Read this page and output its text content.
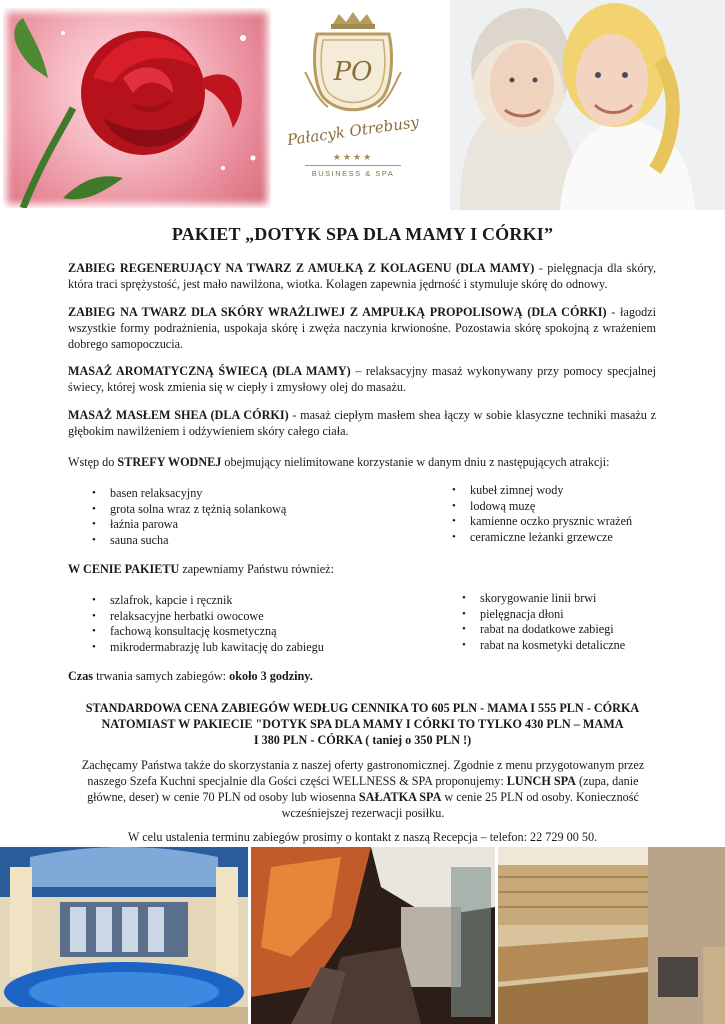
PO
Pałacyk Otrebusy
★★★★
BUSINESS & SPA
PAKIET „DOTYK SPA DLA MAMY I CÓRKI”

ZABIEG REGENERUJĄCY NA TWARZ Z AMUŁKĄ Z KOLAGENU (DLA MAMY) - pielęgnacja dla skóry, która traci sprężystość, jest mało nawilżona, wiotka. Kolagen zapewnia jędrność i stymuluje skórę do odnowy.

ZABIEG NA TWARZ DLA SKÓRY WRAŻLIWEJ Z AMPUŁKĄ PROPOLISOWĄ (DLA CÓRKI) - łagodzi wszystkie formy podrażnienia, uspokaja skórę i zwęża naczynia krwionośne. Pozostawia skórę spokojną z wrażeniem dobrego samopoczucia.

MASAŻ AROMATYCZNĄ ŚWIECĄ (DLA MAMY) – relaksacyjny masaż wykonywany przy pomocy specjalnej świecy, której wosk zmienia się w ciepły i zmysłowy olej do masażu.

MASAŻ MASŁEM SHEA (DLA CÓRKI) - masaż ciepłym masłem shea łączy w sobie klasyczne techniki masażu z głębokim nawilżeniem i odżywieniem skóry całego ciała.

Wstęp do STREFY WODNEJ obejmujący nielimitowane korzystanie w danym dniu z następujących atrakcji:

• basen relaksacyjny
• grota solna wraz z tężnią solankową
• łaźnia parowa
• sauna sucha
• kubeł zimnej wody
• lodową muzę
• kamienne oczko prysznic wrażeń
• ceramiczne leżanki grzewcze

W CENIE PAKIETU zapewniamy Państwu również:

• szlafrok, kapcie i ręcznik
• relaksacyjne herbatki owocowe
• fachową konsultację kosmetyczną
• mikrodermabrazję lub kawitację do zabiegu
• skorygowanie linii brwi
• pielęgnacja dłoni
• rabat na dodatkowe zabiegi
• rabat na kosmetyki detaliczne

Czas trwania samych zabiegów: około 3 godziny.

STANDARDOWA CENA ZABIEGÓW WEDŁUG CENNIKA TO 605 PLN - MAMA I 555 PLN - CÓRKA
NATOMIAST W PAKIECIE "DOTYK SPA DLA MAMY I CÓRKI TO TYLKO 430 PLN – MAMA
I 380 PLN - CÓRKA ( taniej o 350 PLN !)
Zachęcamy Państwa także do skorzystania z naszej oferty gastronomicznej. Zgodnie z menu przygotowanym przez naszego Szefa Kuchni specjalnie dla Gości części WELLNESS & SPA proponujemy: LUNCH SPA (zupa, danie główne, deser) w cenie 70 PLN od osoby lub wiosenna SAŁATKA SPA w cenie 25 PLN od osoby. Konieczność wcześniejszej rezerwacji posiłku.
W celu ustalenia terminu zabiegów prosimy o kontakt z naszą Recepcja – telefon: 22 729 00 50.
